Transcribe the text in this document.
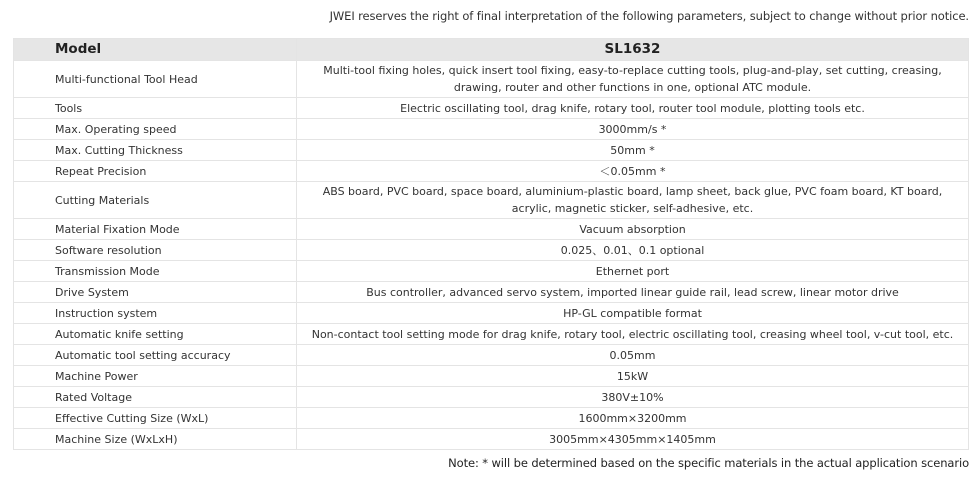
JWEI reserves the right of final interpretation of the following parameters, subject to change without prior notice.
Model	SL1632
Multi-functional Tool Head	Multi-tool fixing holes, quick insert tool fixing, easy-to-replace cutting tools, plug-and-play, set cutting, creasing, drawing, router and other functions in one, optional ATC module.
Tools	Electric oscillating tool, drag knife, rotary tool, router tool module, plotting tools etc.
Max. Operating speed	3000mm/s *
Max. Cutting Thickness	50mm *
Repeat Precision	＜0.05mm *
Cutting Materials	ABS board, PVC board, space board, aluminium-plastic board, lamp sheet, back glue, PVC foam board, KT board, acrylic, magnetic sticker, self-adhesive, etc.
Material Fixation Mode	Vacuum absorption
Software resolution	0.025、0.01、0.1 optional
Transmission Mode	Ethernet port
Drive System	Bus controller, advanced servo system, imported linear guide rail, lead screw, linear motor drive
Instruction system	HP-GL compatible format
Automatic knife setting	Non-contact tool setting mode for drag knife, rotary tool, electric oscillating tool, creasing wheel tool, v-cut tool, etc.
Automatic tool setting accuracy	0.05mm
Machine Power	15kW
Rated Voltage	380V±10%
Effective Cutting Size (WxL)	1600mm×3200mm
Machine Size (WxLxH)	3005mm×4305mm×1405mm
Note: * will be determined based on the specific materials in the actual application scenario
